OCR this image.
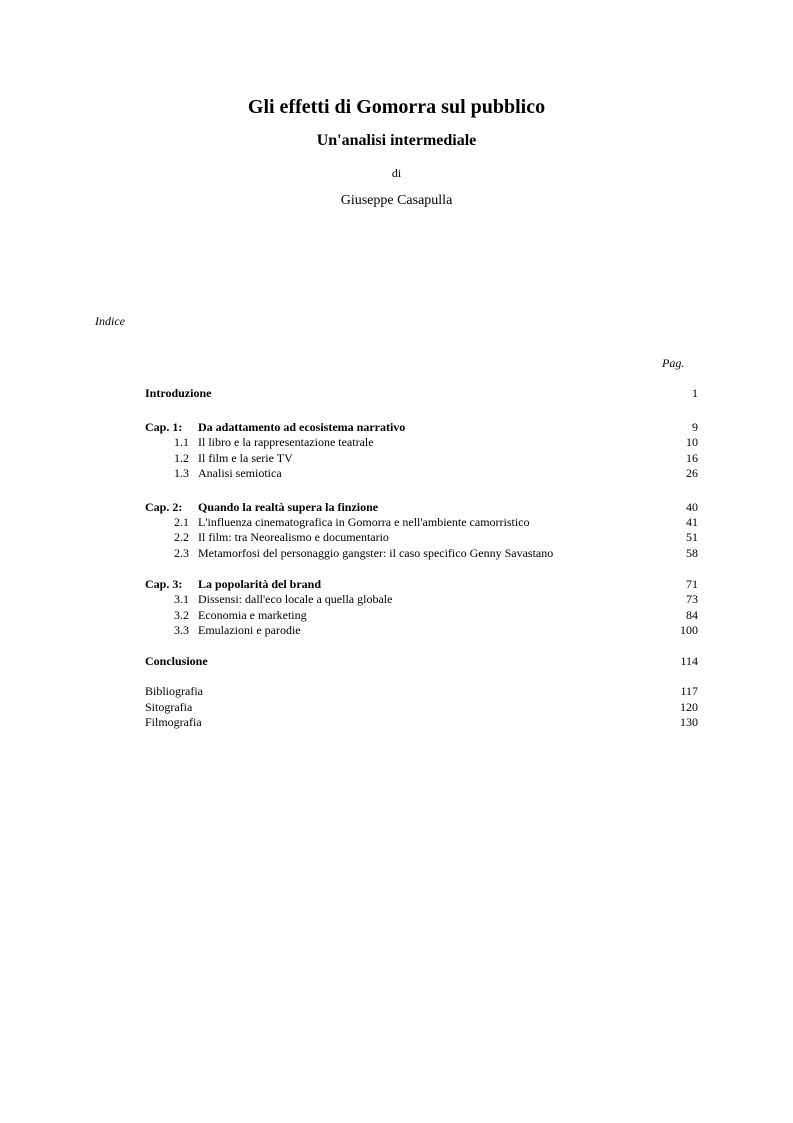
Gli effetti di Gomorra sul pubblico
Un'analisi intermediale
di
Giuseppe Casapulla
Indice
Pag.
Introduzione	1
Cap. 1: Da adattamento ad ecosistema narrativo	9
1.1 Il libro e la rappresentazione teatrale	10
1.2 Il film e la serie TV	16
1.3 Analisi semiotica	26
Cap. 2: Quando la realtà supera la finzione	40
2.1 L'influenza cinematografica in Gomorra e nell'ambiente camorristico	41
2.2 Il film: tra Neorealismo e documentario	51
2.3 Metamorfosi del personaggio gangster: il caso specifico Genny Savastano	58
Cap. 3: La popolarità del brand	71
3.1 Dissensi: dall'eco locale a quella globale	73
3.2 Economia e marketing	84
3.3 Emulazioni e parodie	100
Conclusione	114
Bibliografia	117
Sitografia	120
Filmografia	130
